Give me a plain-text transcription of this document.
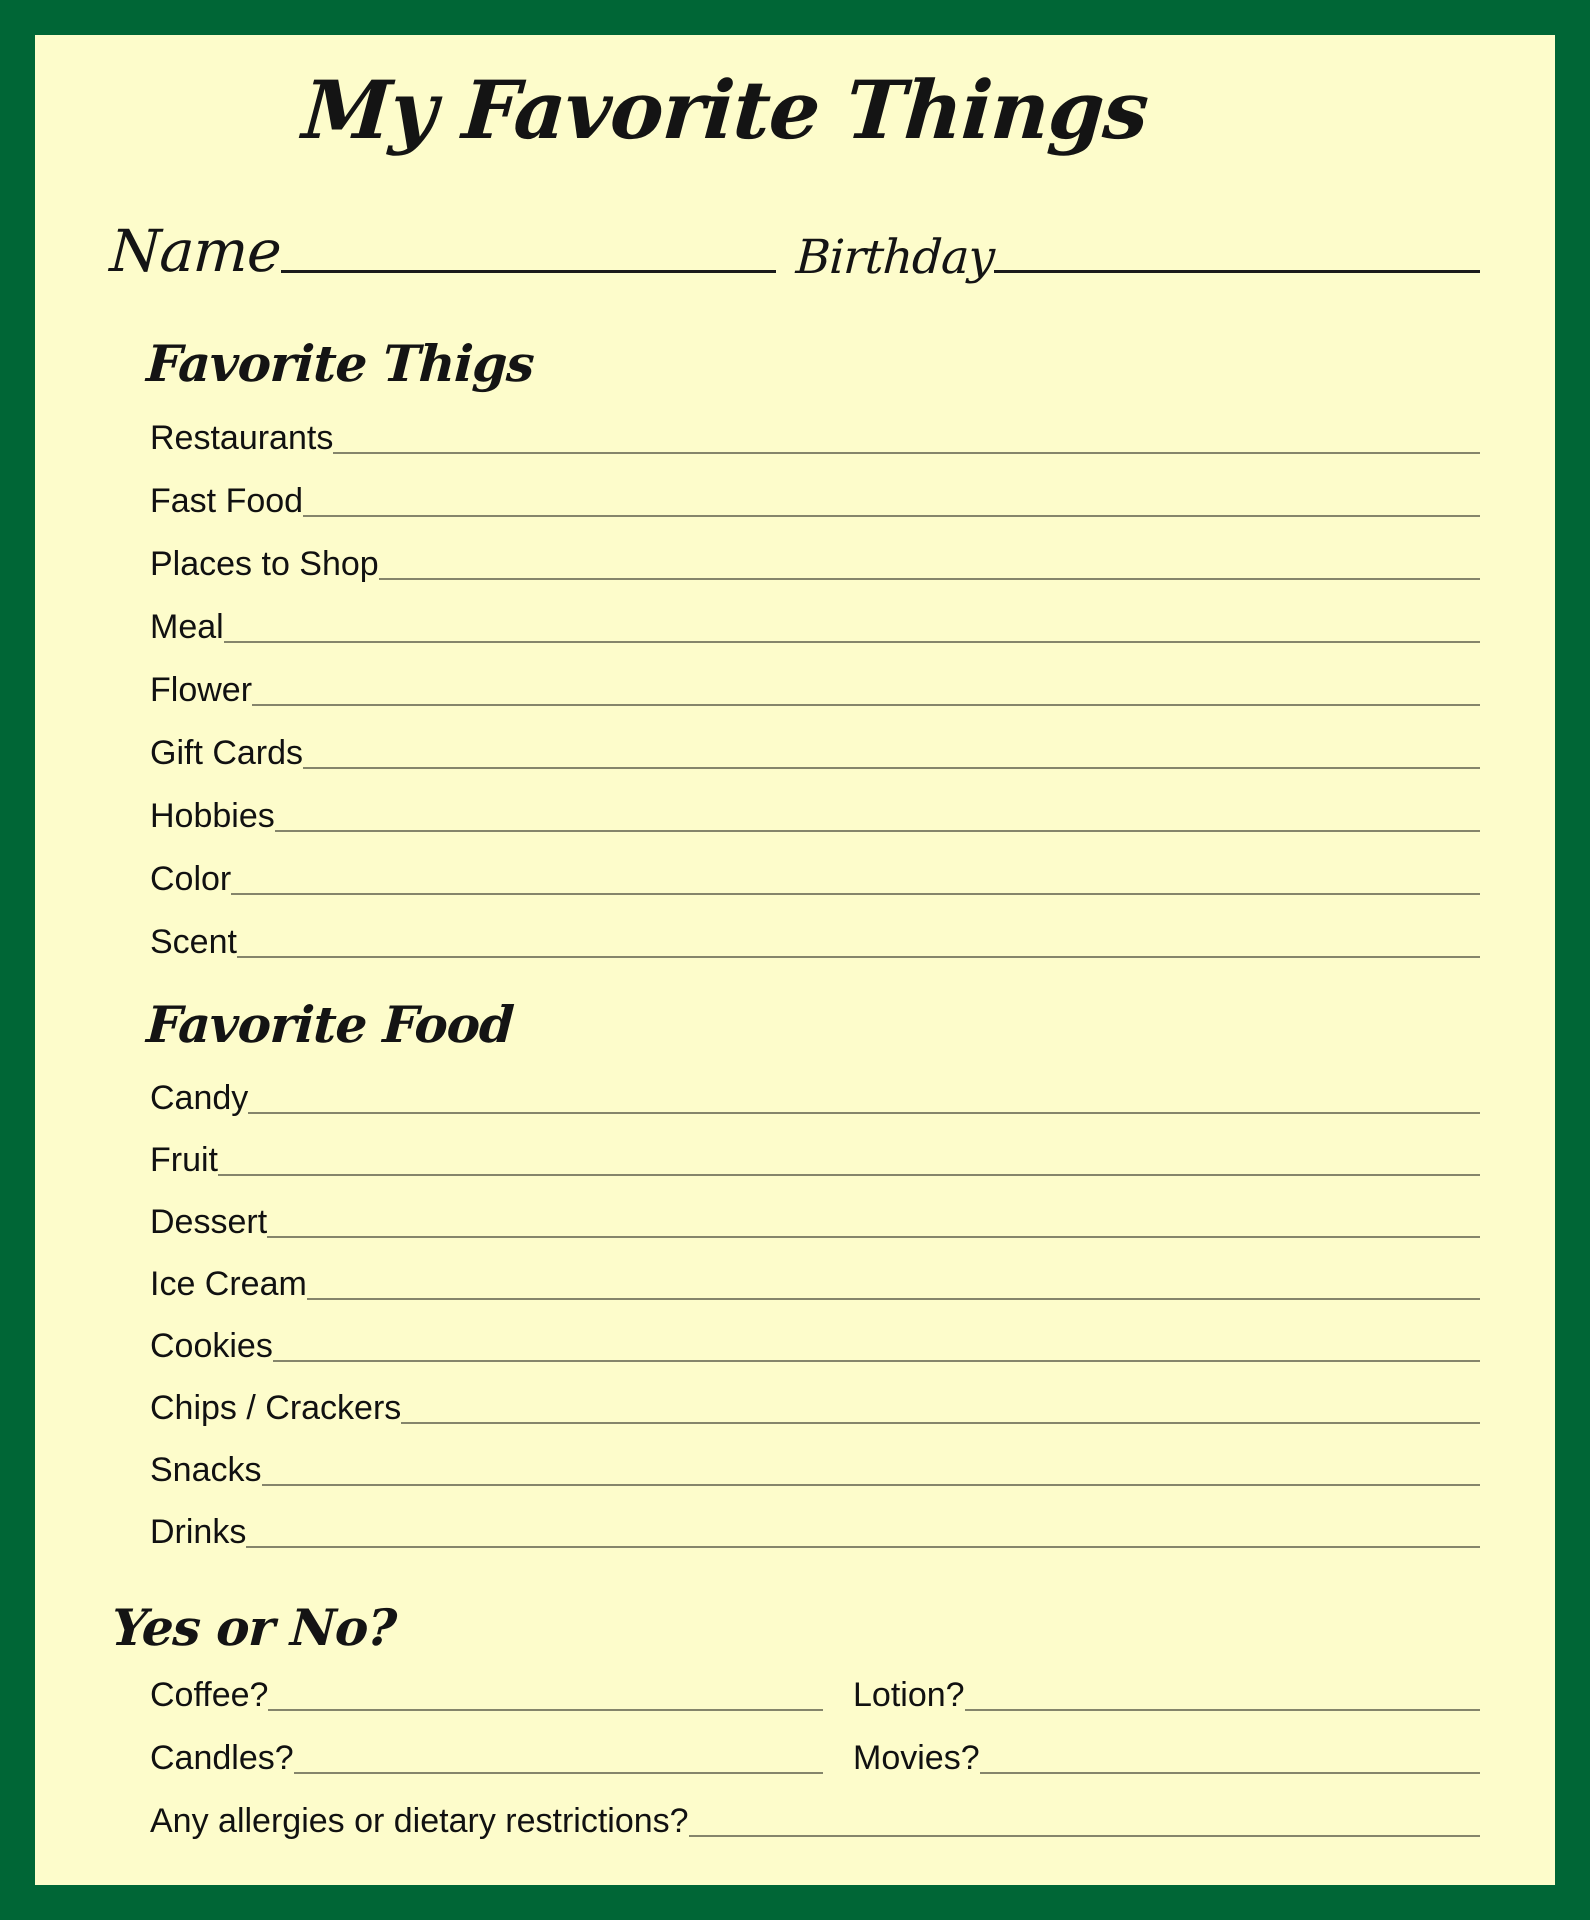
My Favorite Things
Name	Birthday
Favorite Thigs
Restaurants
Fast Food
Places to Shop
Meal
Flower
Gift Cards
Hobbies
Color
Scent
Favorite Food
Candy
Fruit
Dessert
Ice Cream
Cookies
Chips / Crackers
Snacks
Drinks
Yes or No?
Coffee?	Lotion?
Candles?	Movies?
Any allergies or dietary restrictions?
